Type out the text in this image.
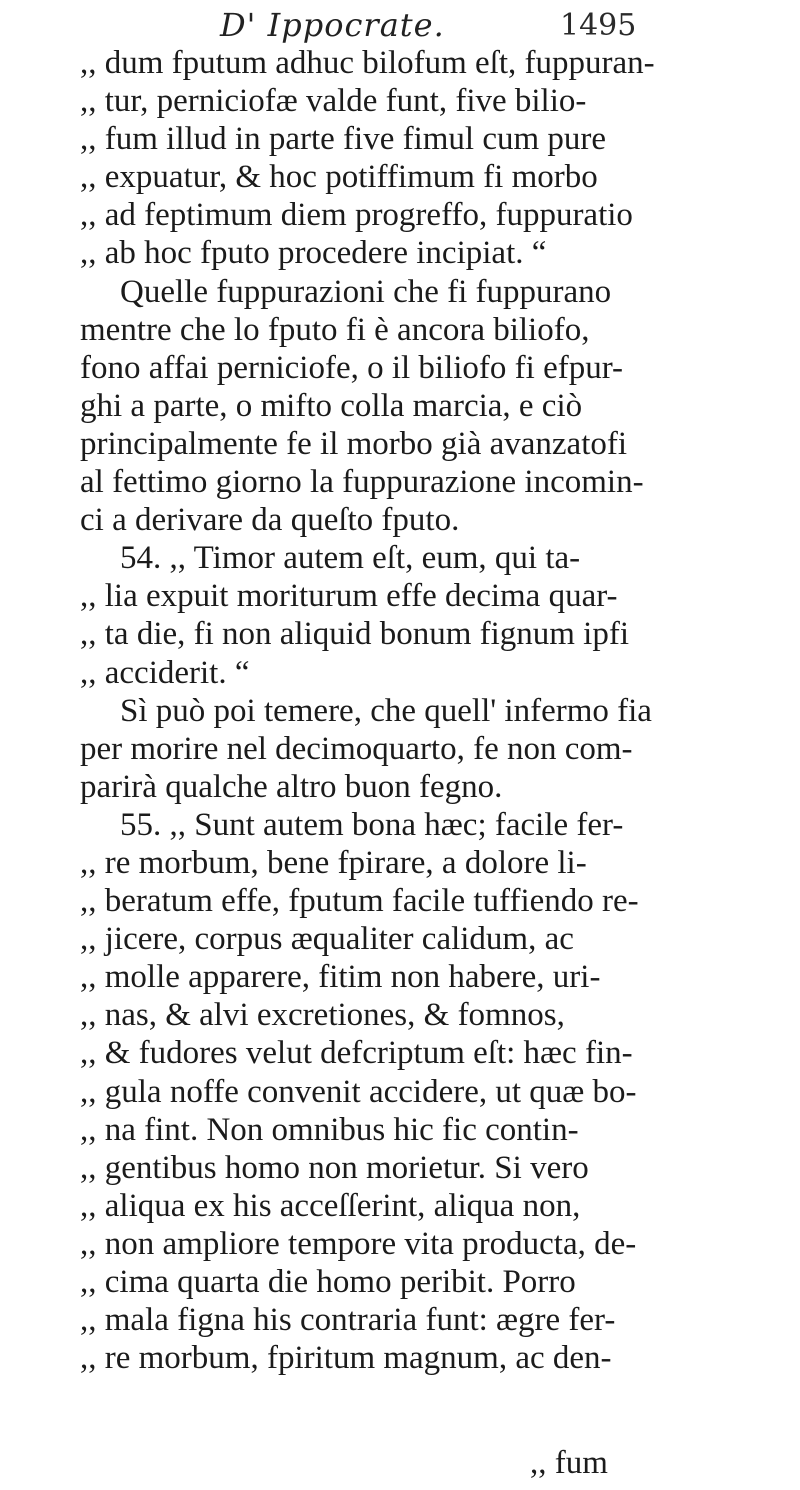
D' Ippocrate.	1495
,, dum fputum adhuc bilofum eſt, fuppuran-
,, tur, perniciofæ valde funt, five bilio-
,, fum illud in parte five fimul cum pure
,, expuatur, & hoc potiffimum fi morbo
,, ad feptimum diem progreffo, fuppuratio
,, ab hoc fputo procedere incipiat. “
Quelle fuppurazioni che fi fuppurano
mentre che lo fputo fi è ancora biliofo,
fono affai perniciofe, o il biliofo fi efpur-
ghi a parte, o mifto colla marcia, e ciò
principalmente fe il morbo già avanzatofi
al fettimo giorno la fuppurazione incomin-
ci a derivare da queſto fputo.
54. ,, Timor autem eſt, eum, qui ta-
,, lia expuit moriturum effe decima quar-
,, ta die, fi non aliquid bonum fignum ipfi
,, acciderit. “
Sì può poi temere, che quell' infermo fia
per morire nel decimoquarto, fe non com-
parirà qualche altro buon fegno.
55. ,, Sunt autem bona hæc; facile fer-
,, re morbum, bene fpirare, a dolore li-
,, beratum effe, fputum facile tuffiendo re-
,, jicere, corpus æqualiter calidum, ac
,, molle apparere, fitim non habere, uri-
,, nas, & alvi excretiones, & fomnos,
,, & fudores velut defcriptum eſt: hæc fin-
,, gula noffe convenit accidere, ut quæ bo-
,, na fint. Non omnibus hic fic contin-
,, gentibus homo non morietur. Si vero
,, aliqua ex his acceſſerint, aliqua non,
,, non ampliore tempore vita producta, de-
,, cima quarta die homo peribit. Porro
,, mala figna his contraria funt: ægre fer-
,, re morbum, fpiritum magnum, ac den-
,, fum
